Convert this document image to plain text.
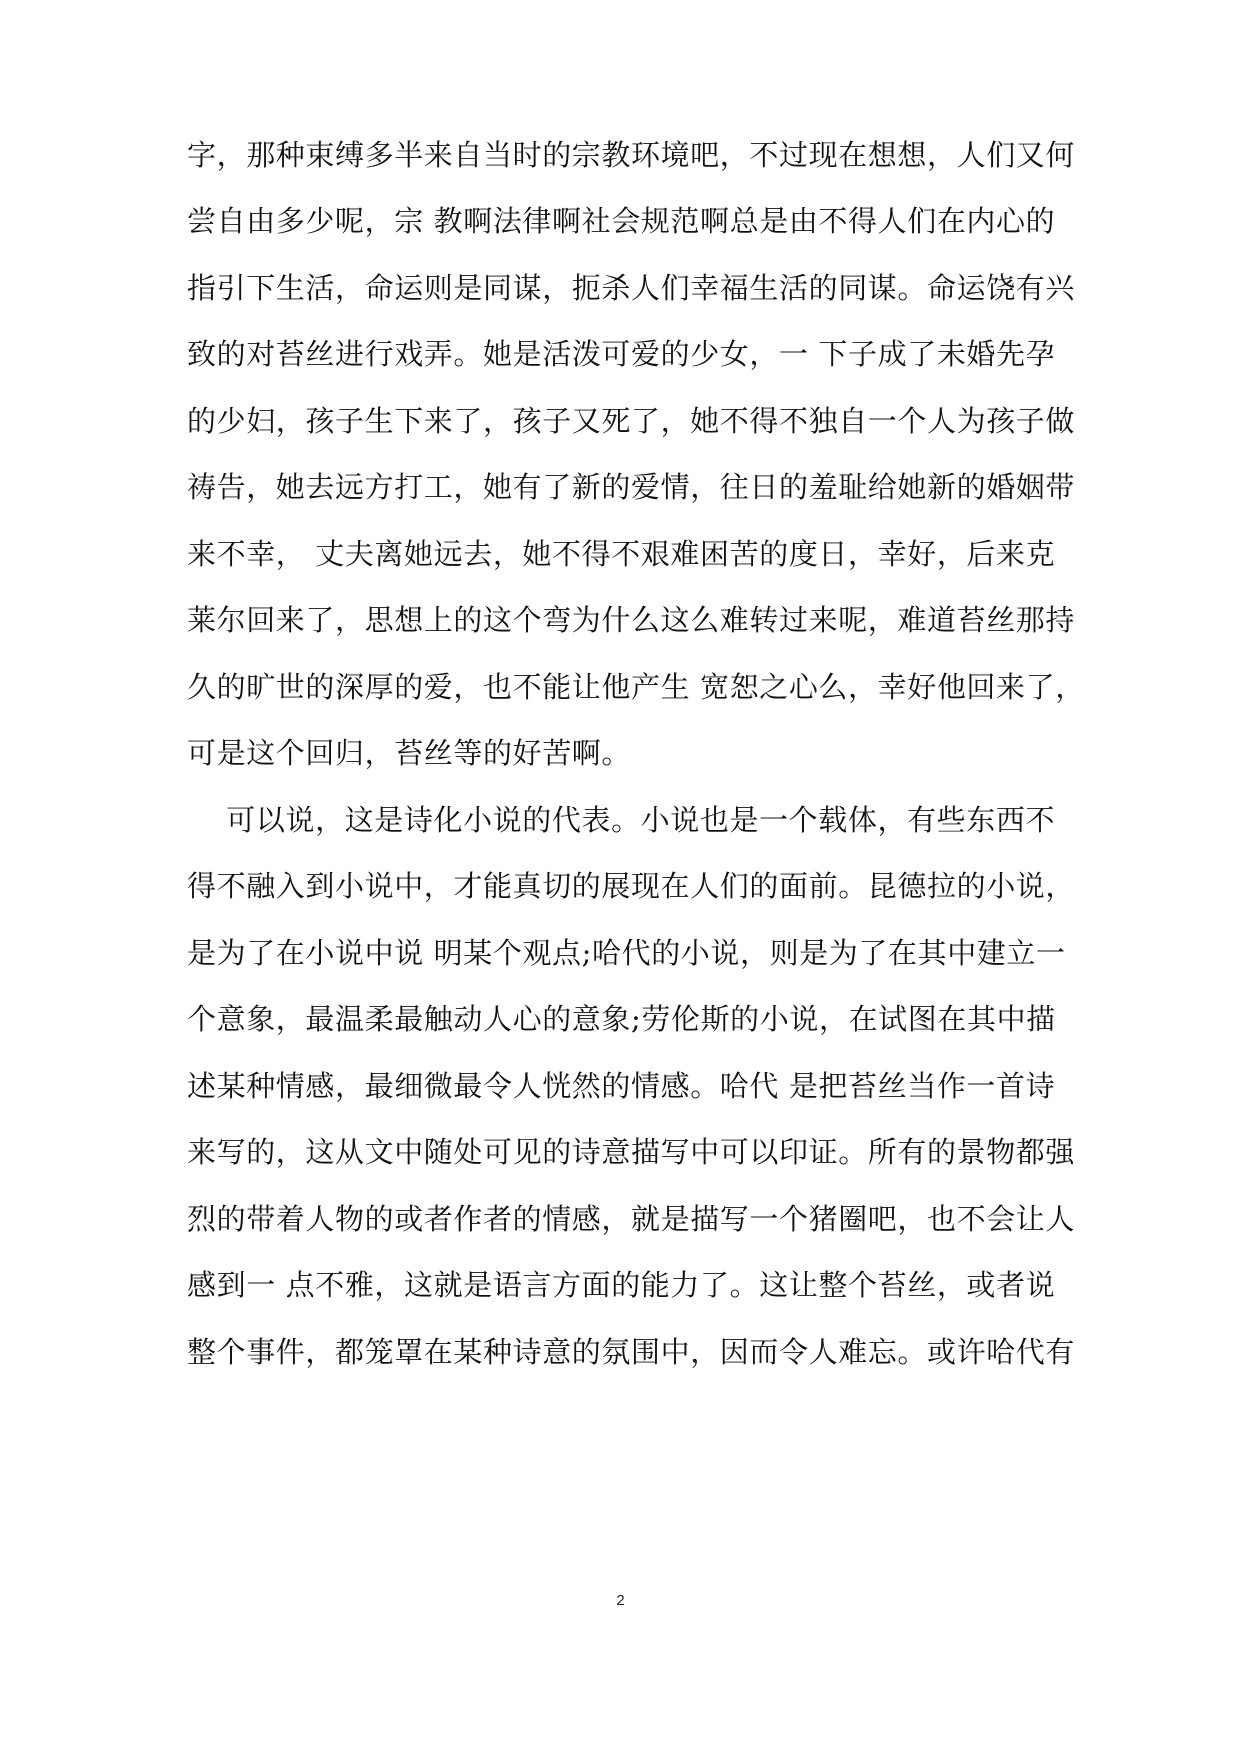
字，那种束缚多半来自当时的宗教环境吧，不过现在想想，人们又何
尝自由多少呢，宗 教啊法律啊社会规范啊总是由不得人们在内心的
指引下生活，命运则是同谋，扼杀人们幸福生活的同谋。命运饶有兴
致的对苔丝进行戏弄。她是活泼可爱的少女，一 下子成了未婚先孕
的少妇，孩子生下来了，孩子又死了，她不得不独自一个人为孩子做
祷告，她去远方打工，她有了新的爱情，往日的羞耻给她新的婚姻带
来不幸， 丈夫离她远去，她不得不艰难困苦的度日，幸好，后来克
莱尔回来了，思想上的这个弯为什么这么难转过来呢，难道苔丝那持
久的旷世的深厚的爱，也不能让他产生 宽恕之心么，幸好他回来了，
可是这个回归，苔丝等的好苦啊。
可以说，这是诗化小说的代表。小说也是一个载体，有些东西不
得不融入到小说中，才能真切的展现在人们的面前。昆德拉的小说，
是为了在小说中说 明某个观点;哈代的小说，则是为了在其中建立一
个意象，最温柔最触动人心的意象;劳伦斯的小说，在试图在其中描
述某种情感，最细微最令人恍然的情感。哈代 是把苔丝当作一首诗
来写的，这从文中随处可见的诗意描写中可以印证。所有的景物都强
烈的带着人物的或者作者的情感，就是描写一个猪圈吧，也不会让人
感到一 点不雅，这就是语言方面的能力了。这让整个苔丝，或者说
整个事件，都笼罩在某种诗意的氛围中，因而令人难忘。或许哈代有
2
